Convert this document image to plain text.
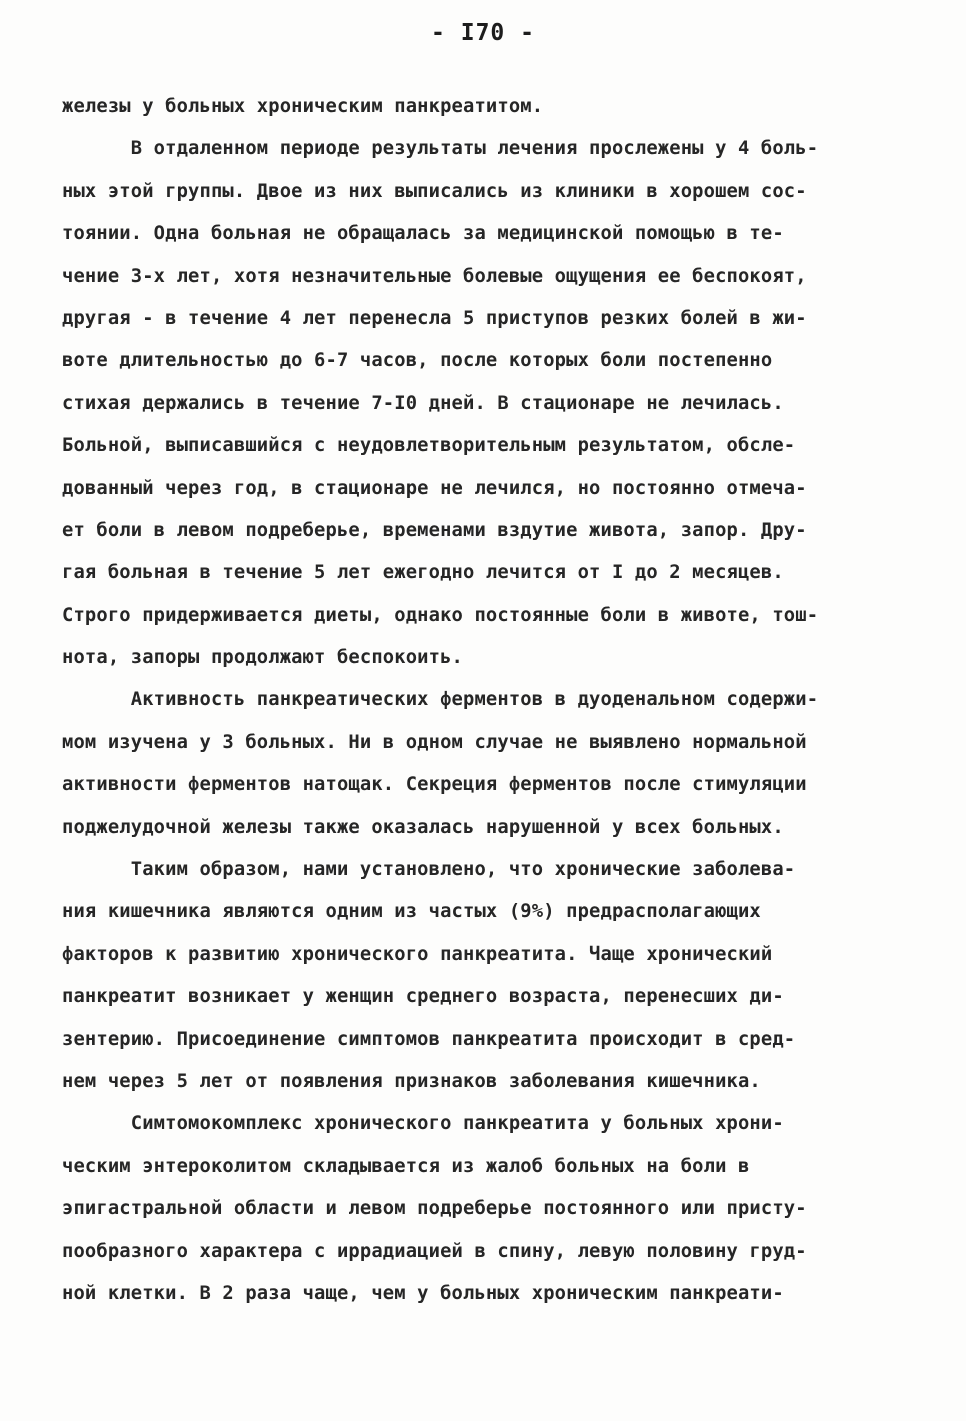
- I70 -
железы у больных хроническим панкреатитом.
В отдаленном периоде результаты лечения прослежены у 4 боль-
ных этой группы. Двое из них выписались из клиники в хорошем сос-
тоянии. Одна больная не обращалась за медицинской помощью в те-
чение 3-х лет, хотя незначительные болевые ощущения ее беспокоят,
другая - в течение 4 лет перенесла 5 приступов резких болей в жи-
воте длительностью до 6-7 часов, после которых боли постепенно
стихая держались в течение 7-I0 дней. В стационаре не лечилась.
Больной, выписавшийся с неудовлетворительным результатом, обсле-
дованный через год, в стационаре не лечился, но постоянно отмеча-
ет боли в левом подреберье, временами вздутие живота, запор. Дру-
гая больная в течение 5 лет ежегодно лечится от I до 2 месяцев.
Строго придерживается диеты, однако постоянные боли в животе, тош-
нота, запоры продолжают беспокоить.
Активность панкреатических ферментов в дуоденальном содержи-
мом изучена у 3 больных. Ни в одном случае не выявлено нормальной
активности ферментов натощак. Секреция ферментов после стимуляции
поджелудочной железы также оказалась нарушенной у всех больных.
Таким образом, нами установлено, что хронические заболева-
ния кишечника являются одним из частых (9%) предрасполагающих
факторов к развитию хронического панкреатита. Чаще хронический
панкреатит возникает у женщин среднего возраста, перенесших ди-
зентерию. Присоединение симптомов панкреатита происходит в сред-
нем через 5 лет от появления признаков заболевания кишечника.
Симтомокомплекс хронического панкреатита у больных хрони-
ческим энтероколитом складывается из жалоб больных на боли в
эпигастральной области и левом подреберье постоянного или присту-
пообразного характера с иррадиацией в спину, левую половину груд-
ной клетки. В 2 раза чаще, чем у больных хроническим панкреати-
